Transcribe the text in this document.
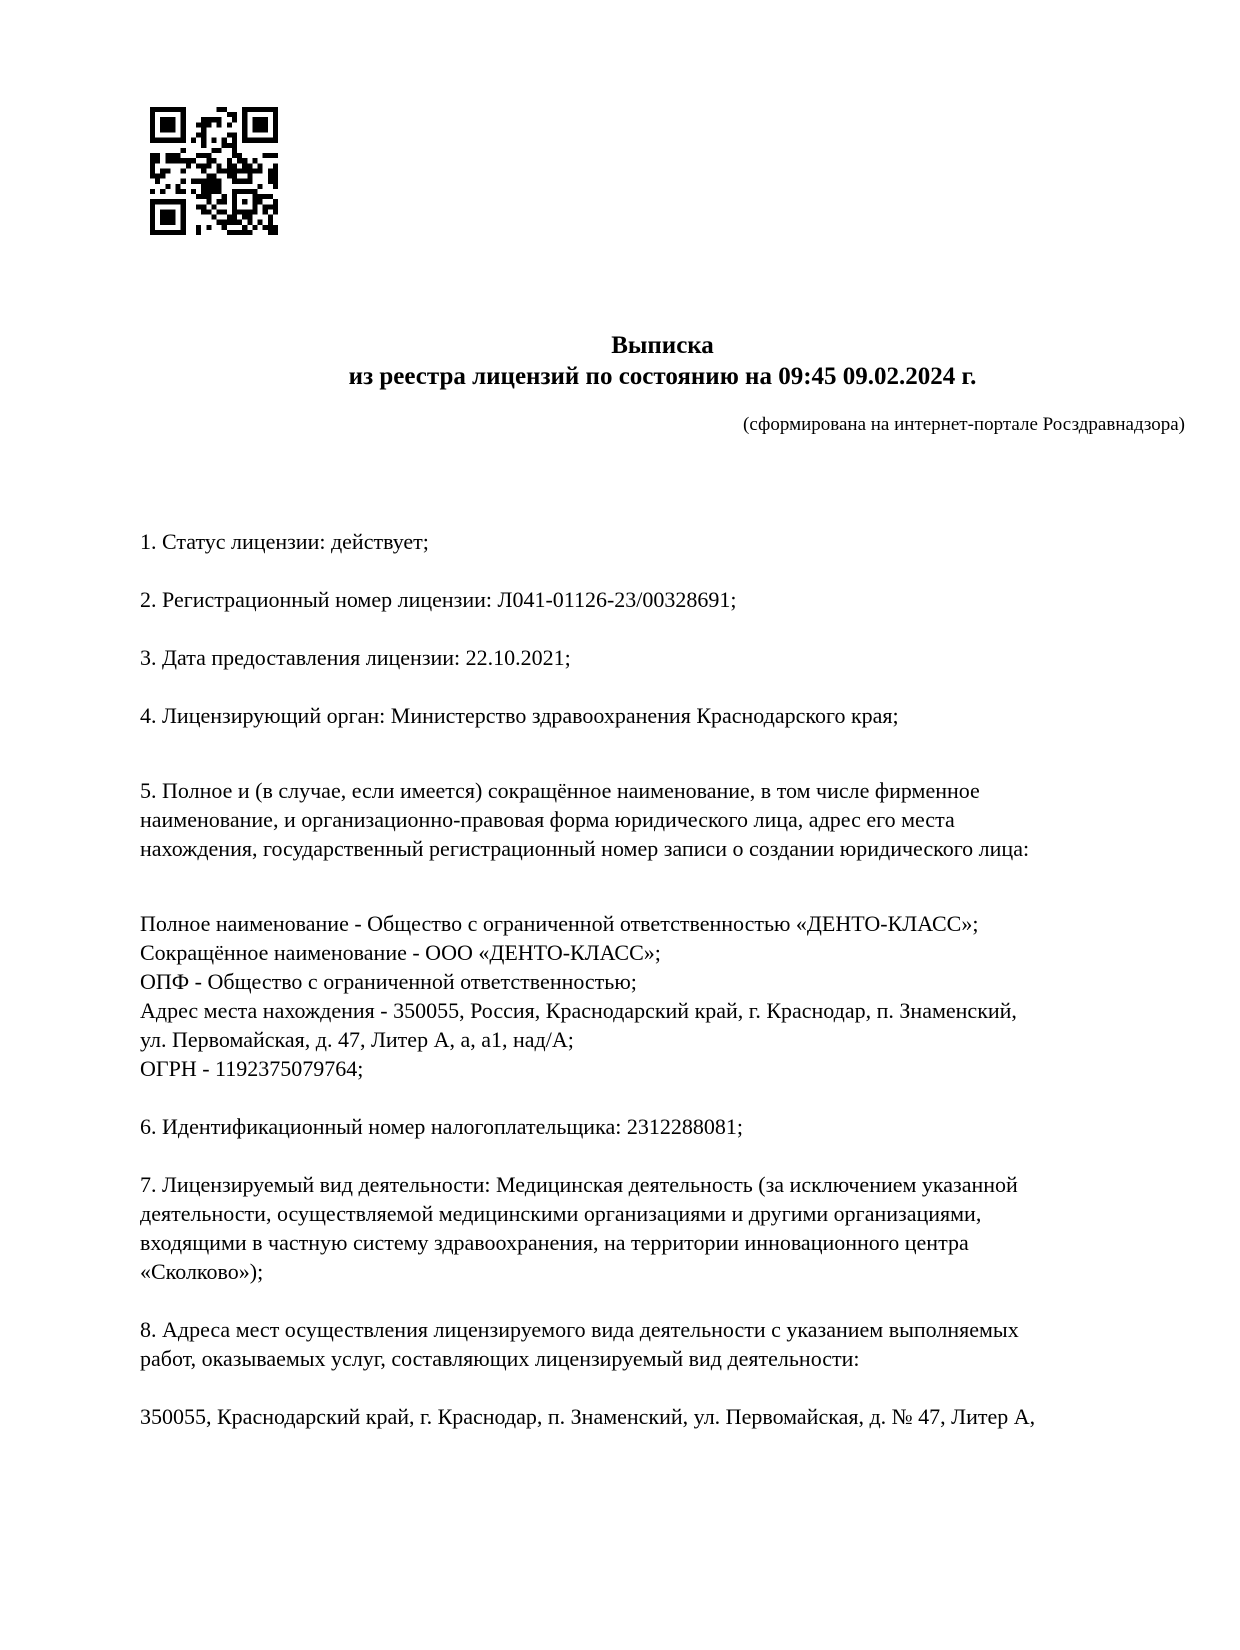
Выписка
из реестра лицензий по состоянию на 09:45 09.02.2024 г.
(сформирована на интернет-портале Росздравнадзора)

1. Статус лицензии: действует;

2. Регистрационный номер лицензии: Л041-01126-23/00328691;

3. Дата предоставления лицензии: 22.10.2021;

4. Лицензирующий орган: Министерство здравоохранения Краснодарского края;

5. Полное и (в случае, если имеется) сокращённое наименование, в том числе фирменное
наименование, и организационно-правовая форма юридического лица, адрес его места
нахождения, государственный регистрационный номер записи о создании юридического лица:

Полное наименование - Общество с ограниченной ответственностью «ДЕНТО-КЛАСС»;
Сокращённое наименование - ООО «ДЕНТО-КЛАСС»;
ОПФ - Общество с ограниченной ответственностью;
Адрес места нахождения - 350055, Россия, Краснодарский край, г. Краснодар, п. Знаменский,
ул. Первомайская, д. 47, Литер А, а, а1, над/А;
ОГРН - 1192375079764;

6. Идентификационный номер налогоплательщика: 2312288081;

7. Лицензируемый вид деятельности: Медицинская деятельность (за исключением указанной
деятельности, осуществляемой медицинскими организациями и другими организациями,
входящими в частную систему здравоохранения, на территории инновационного центра
«Сколково»);

8. Адреса мест осуществления лицензируемого вида деятельности с указанием выполняемых
работ, оказываемых услуг, составляющих лицензируемый вид деятельности:

350055, Краснодарский край, г. Краснодар, п. Знаменский, ул. Первомайская, д. № 47, Литер А,
